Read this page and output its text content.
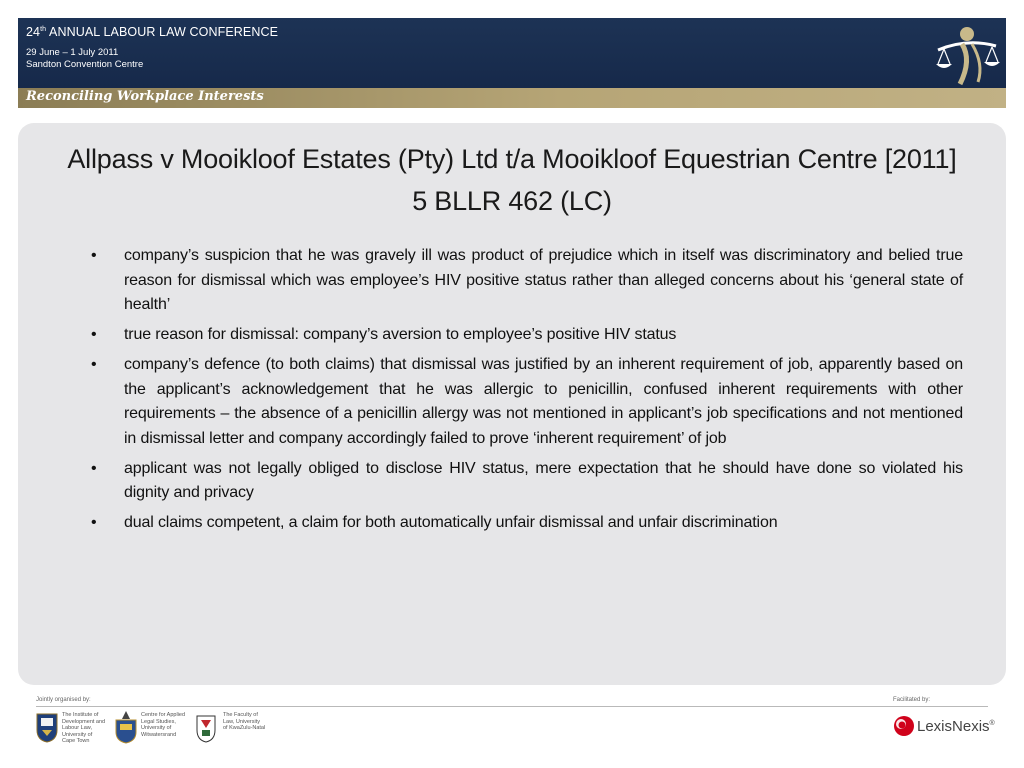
24th ANNUAL LABOUR LAW CONFERENCE
29 June – 1 July 2011
Sandton Convention Centre
Reconciling Workplace Interests
Allpass v Mooikloof Estates (Pty) Ltd t/a Mooikloof Equestrian Centre [2011] 5 BLLR 462 (LC)
• company’s suspicion that he was gravely ill was product of prejudice which in itself was discriminatory and belied true reason for dismissal which was employee’s HIV positive status rather than alleged concerns about his ‘general state of health’
• true reason for dismissal: company’s aversion to employee’s positive HIV status
• company’s defence (to both claims) that dismissal was justified by an inherent requirement of job, apparently based on the applicant’s acknowledgement that he was allergic to penicillin, confused inherent requirements with other requirements – the absence of a penicillin allergy was not mentioned in applicant’s job specifications and not mentioned in dismissal letter and company accordingly failed to prove ‘inherent requirement’ of job
• applicant was not legally obliged to disclose HIV status, mere expectation that he should have done so violated his dignity and privacy
• dual claims competent, a claim for both automatically unfair dismissal and unfair discrimination
Jointly organised by:	Facilitated by:
The Institute of
Development and
Labour Law,
University of
Cape Town
Centre for Applied
Legal Studies,
University of
Witwatersrand
The Faculty of
Law, University
of KwaZulu-Natal	LexisNexis®
